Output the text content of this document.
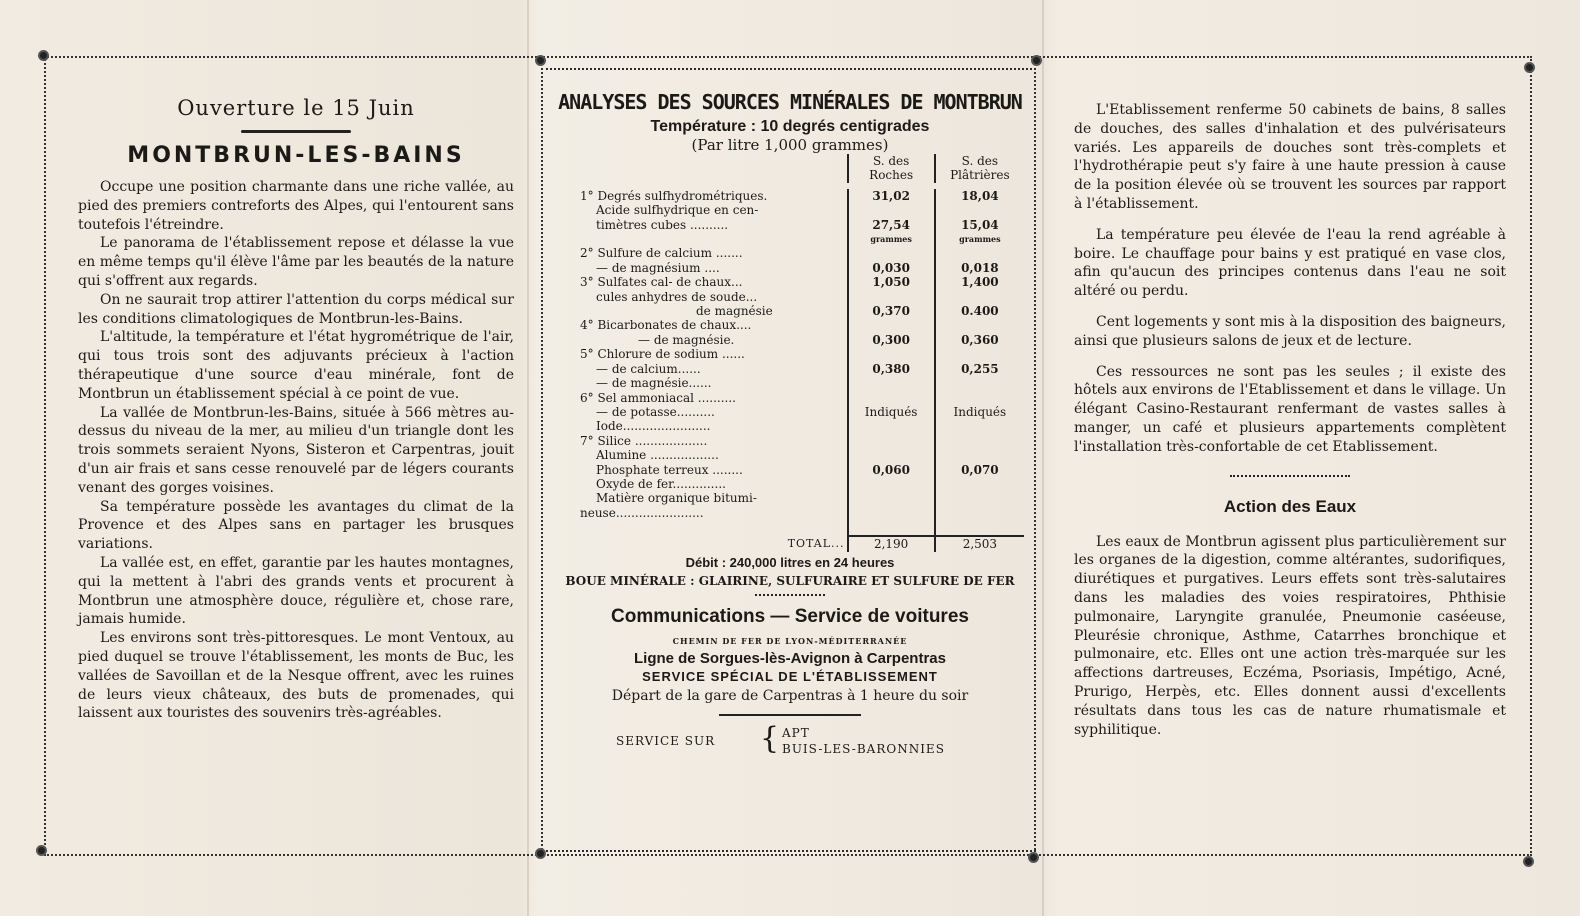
Ouverture le 15 Juin
MONTBRUN-LES-BAINS

Occupe une position charmante dans une riche vallée, au pied des premiers contreforts des Alpes, qui l'entourent sans toutefois l'étreindre.

Le panorama de l'établissement repose et délasse la vue en même temps qu'il élève l'âme par les beautés de la nature qui s'offrent aux regards.

On ne saurait trop attirer l'attention du corps médical sur les conditions climatologiques de Montbrun-les-Bains.

L'altitude, la température et l'état hygrométrique de l'air, qui tous trois sont des adjuvants précieux à l'action thérapeutique d'une source d'eau minérale, font de Montbrun un établissement spécial à ce point de vue.

La vallée de Montbrun-les-Bains, située à 566 mètres au-dessus du niveau de la mer, au milieu d'un triangle dont les trois sommets seraient Nyons, Sisteron et Carpentras, jouit d'un air frais et sans cesse renouvelé par de légers courants venant des gorges voisines.

Sa température possède les avantages du climat de la Provence et des Alpes sans en partager les brusques variations.

La vallée est, en effet, garantie par les hautes montagnes, qui la mettent à l'abri des grands vents et procurent à Montbrun une atmosphère douce, régulière et, chose rare, jamais humide.

Les environs sont très-pittoresques. Le mont Ventoux, au pied duquel se trouve l'établissement, les monts de Buc, les vallées de Savoillan et de la Nesque offrent, avec les ruines de leurs vieux châteaux, des buts de promenades, qui laissent aux touristes des souvenirs très-agréables.

ANALYSES DES SOURCES MINÉRALES DE MONTBRUN
Température : 10 degrés centigrades
(Par litre 1,000 grammes)
	S. des Roches	S. des Plâtrières

1° Degrés sulfhydrométriques.	31,02	18,04
Acide sulfhydrique en cen-		
timètres cubes ..........	27,54	15,04
	grammes	grammes
2° Sulfure de calcium .......		
— de magnésium ....	0,030	0,018
3° Sulfates cal- de chaux...	1,050	1,400
cules anhydres de soude...		
de magnésie	0,370	0.400
4° Bicarbonates de chaux....		
— de magnésie.	0,300	0,360
5° Chlorure de sodium ......		
— de calcium......	0,380	0,255
— de magnésie......		
6° Sel ammoniacal ..........		
— de potasse..........	Indiqués	Indiqués
Iode.......................		
7° Silice ...................		
Alumine ..................		
Phosphate terreux ........	0,060	0,070
Oxyde de fer..............		
Matière organique bitumi-		
neuse.......................		

TOTAL...	2,190	2,503
Débit : 240,000 litres en 24 heures
BOUE MINÉRALE : GLAIRINE, SULFURAIRE ET SULFURE DE FER
Communications — Service de voitures
CHEMIN DE FER DE LYON-MÉDITERRANÉE
Ligne de Sorgues-lès-Avignon à Carpentras
SERVICE SPÉCIAL DE L'ÉTABLISSEMENT
Départ de la gare de Carpentras à 1 heure du soir
SERVICE SUR { APT
BUIS-LES-BARONNIES

L'Etablissement renferme 50 cabinets de bains, 8 salles de douches, des salles d'inhalation et des pulvérisateurs variés. Les appareils de douches sont très-complets et l'hydrothérapie peut s'y faire à une haute pression à cause de la position élevée où se trouvent les sources par rapport à l'établissement.

La température peu élevée de l'eau la rend agréable à boire. Le chauffage pour bains y est pratiqué en vase clos, afin qu'aucun des principes contenus dans l'eau ne soit altéré ou perdu.

Cent logements y sont mis à la disposition des baigneurs, ainsi que plusieurs salons de jeux et de lecture.

Ces ressources ne sont pas les seules ; il existe des hôtels aux environs de l'Etablissement et dans le village. Un élégant Casino-Restaurant renfermant de vastes salles à manger, un café et plusieurs appartements complètent l'installation très-confortable de cet Etablissement.

Action des Eaux

Les eaux de Montbrun agissent plus particulièrement sur les organes de la digestion, comme altérantes, sudorifiques, diurétiques et purgatives. Leurs effets sont très-salutaires dans les maladies des voies respiratoires, Phthisie pulmonaire, Laryngite granulée, Pneumonie caséeuse, Pleurésie chronique, Asthme, Catarrhes bronchique et pulmonaire, etc. Elles ont une action très-marquée sur les affections dartreuses, Eczéma, Psoriasis, Impétigo, Acné, Prurigo, Herpès, etc. Elles donnent aussi d'excellents résultats dans tous les cas de nature rhumatismale et syphilitique.
